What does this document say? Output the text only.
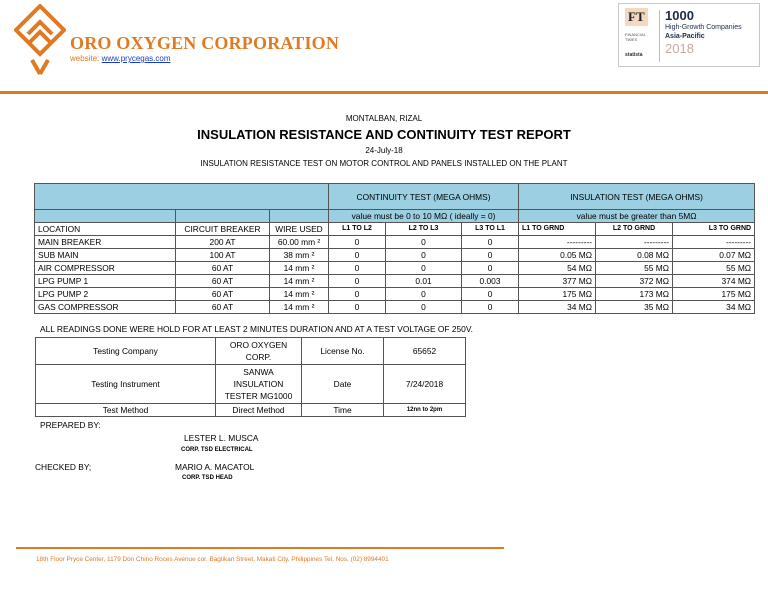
ORO OXYGEN CORPORATION
website: www.prycegas.com
FT
FINANCIAL TIMES
statista
1000
High-Growth Companies
Asia-Pacific
2018
MONTALBAN, RIZAL
INSULATION RESISTANCE AND CONTINUITY TEST REPORT
24-July-18
INSULATION RESISTANCE TEST ON MOTOR CONTROL AND PANELS INSTALLED ON THE PLANT
			CONTINUITY TEST (MEGA OHMS)			INSULATION TEST (MEGA OHMS)		
			value must be 0 to 10 MΩ ( ideally = 0)			value must be greater than 5MΩ		
LOCATION	CIRCUIT BREAKER	WIRE USED	L1 TO L2	L2 TO L3	L3 TO L1	L1 TO GRND	L2 TO GRND	L3 TO GRND
MAIN BREAKER	200 AT	60.00 mm ²	0	0	0	---------	---------	---------
SUB MAIN	100 AT	38 mm ²	0	0	0	0.05 MΩ	0.08 MΩ	0.07 MΩ
AIR COMPRESSOR	60 AT	14 mm ²	0	0	0	54 MΩ	55 MΩ	55 MΩ
LPG PUMP 1	60 AT	14 mm ²	0	0.01	0.003	377 MΩ	372 MΩ	374 MΩ
LPG PUMP 2	60 AT	14 mm ²	0	0	0	175 MΩ	173 MΩ	175 MΩ
GAS COMPRESSOR	60 AT	14 mm ²	0	0	0	34 MΩ	35 MΩ	34 MΩ
ALL READINGS DONE WERE HOLD FOR AT LEAST 2 MINUTES DURATION AND AT A TEST VOLTAGE OF 250V.
Testing Company	ORO OXYGEN CORP.	License No.	65652
Testing Instrument	SANWA INSULATION TESTER MG1000	Date	7/24/2018
Test Method	Direct Method	Time	12nn to 2pm
PREPARED BY:
LESTER L. MUSCA
CORP. TSD ELECTRICAL
CHECKED BY;	MARIO A. MACATOL
CORP. TSD HEAD
18th Floor Pryce Center, 1179 Don Chino Roces Avenue cor. Bagtikan Street, Makati City, Philippines Tel. Nos. (02) 8994401
